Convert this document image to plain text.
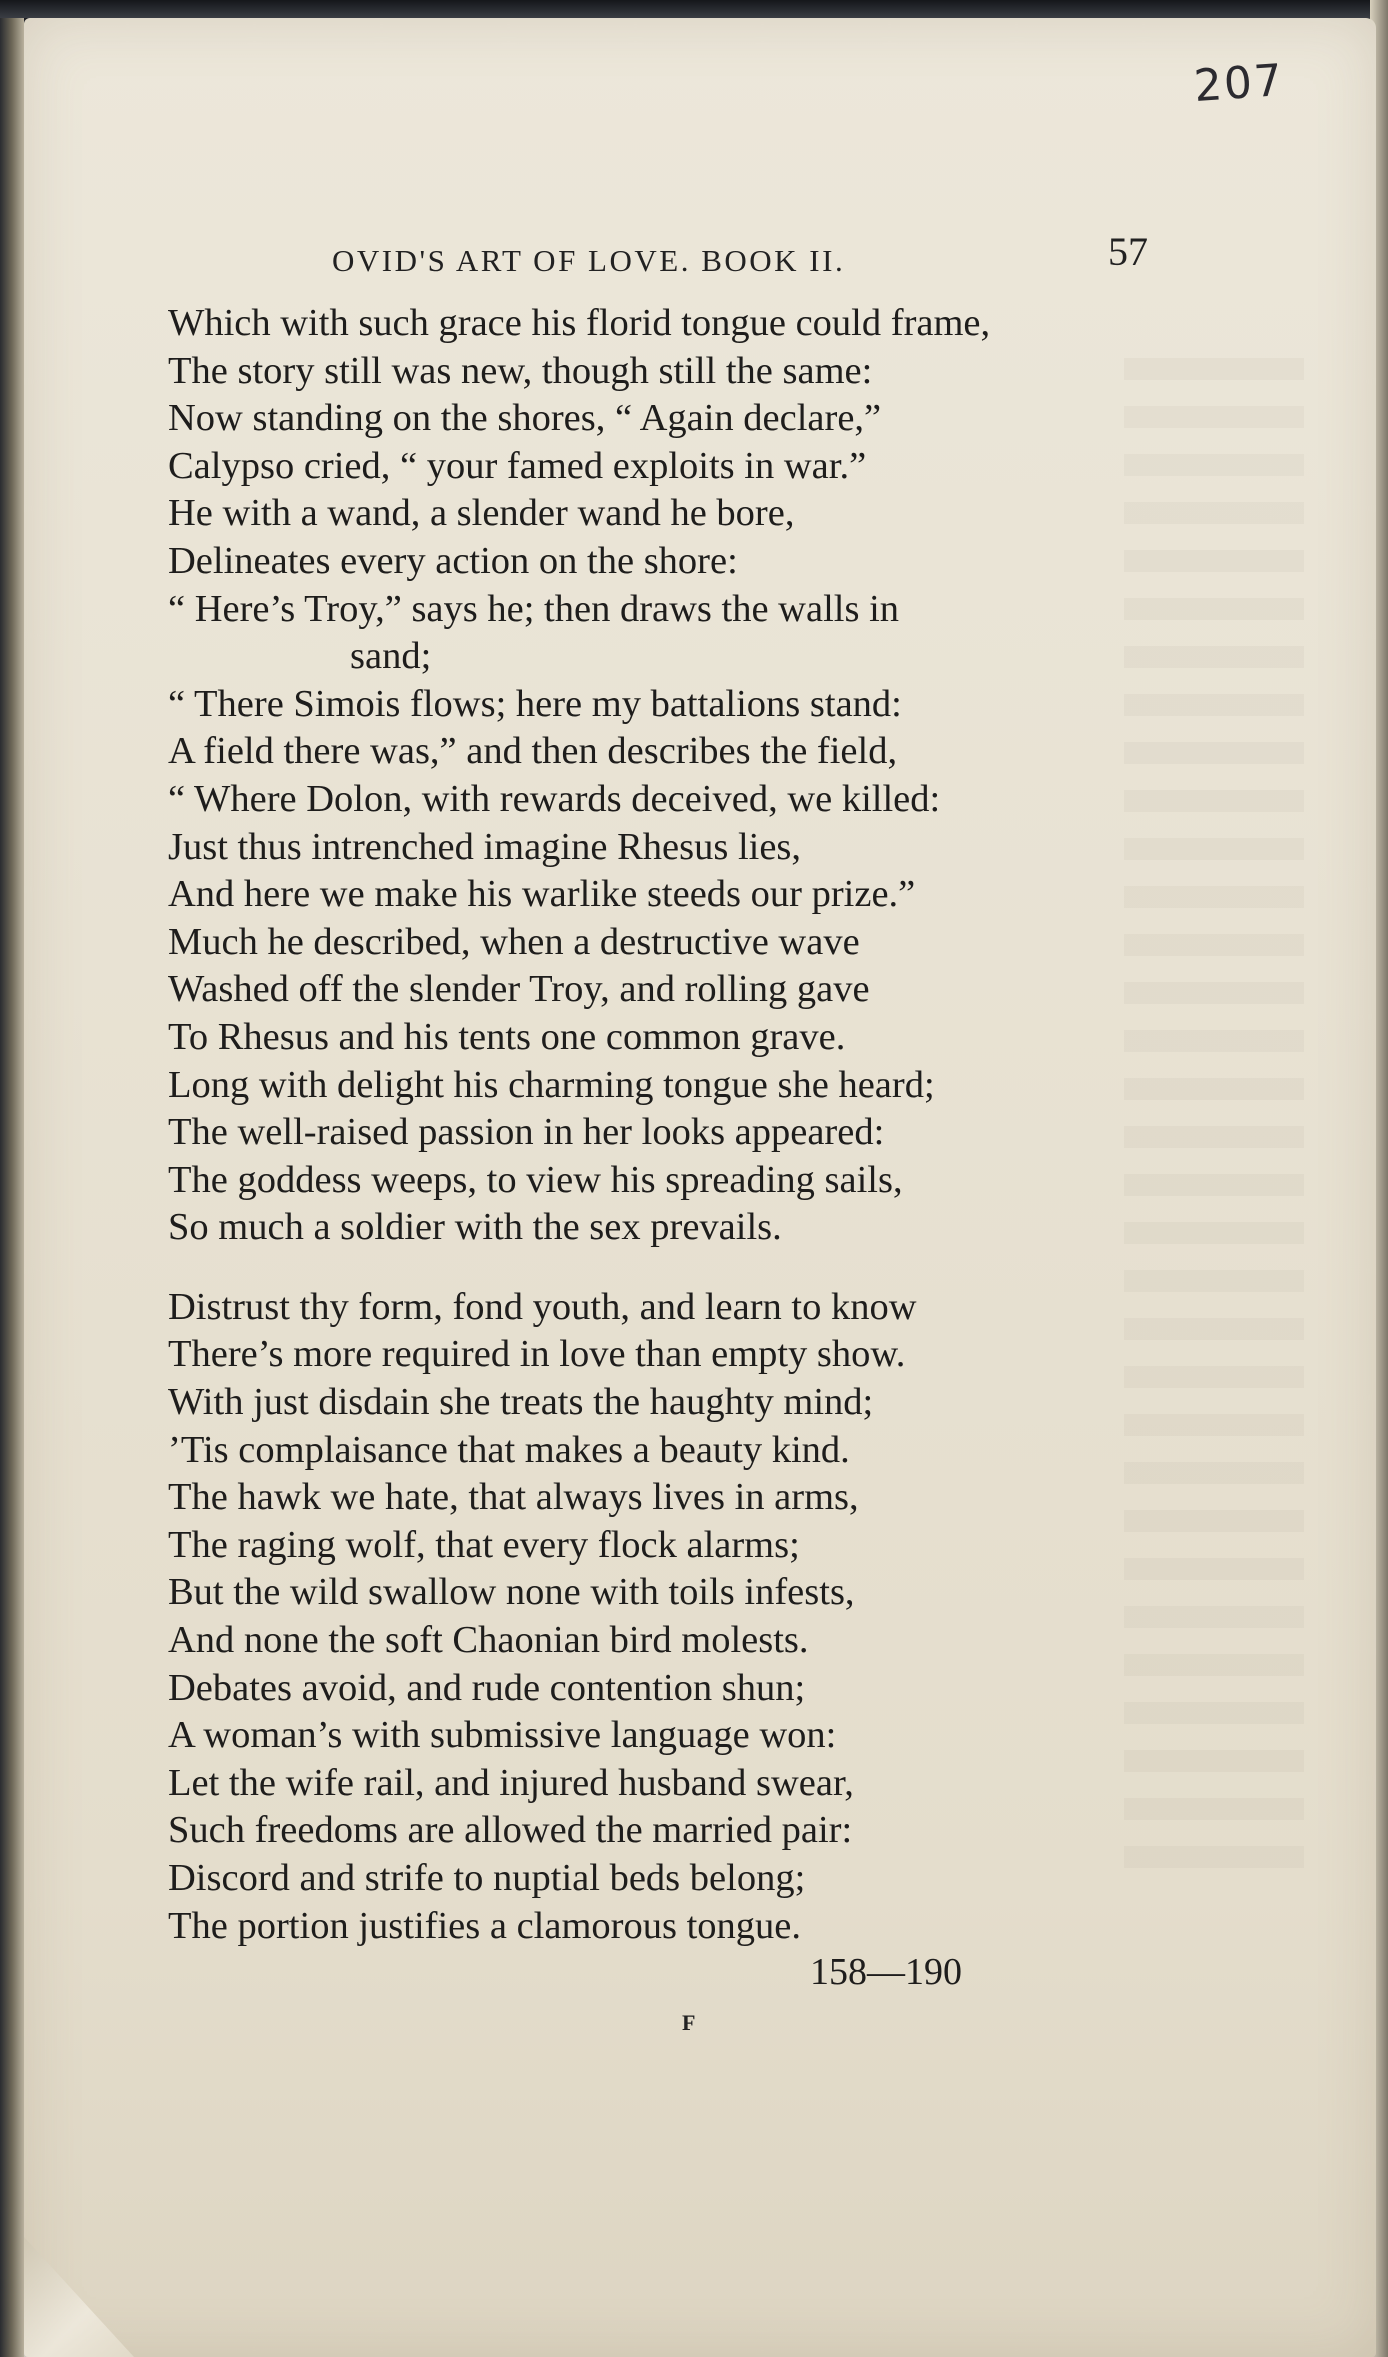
207
OVID'S ART OF LOVE. BOOK II.	57
Which with such grace his florid tongue could frame,
The story still was new, though still the same:
Now standing on the shores, “ Again declare,”
Calypso cried, “ your famed exploits in war.”
He with a wand, a slender wand he bore,
Delineates every action on the shore:
“ Here’s Troy,” says he; then draws the walls in
sand;
“ There Simois flows; here my battalions stand:
A field there was,” and then describes the field,
“ Where Dolon, with rewards deceived, we killed:
Just thus intrenched imagine Rhesus lies,
And here we make his warlike steeds our prize.”
Much he described, when a destructive wave
Washed off the slender Troy, and rolling gave
To Rhesus and his tents one common grave.
Long with delight his charming tongue she heard;
The well-raised passion in her looks appeared:
The goddess weeps, to view his spreading sails,
So much a soldier with the sex prevails.
Distrust thy form, fond youth, and learn to know
There’s more required in love than empty show.
With just disdain she treats the haughty mind;
’Tis complaisance that makes a beauty kind.
The hawk we hate, that always lives in arms,
The raging wolf, that every flock alarms;
But the wild swallow none with toils infests,
And none the soft Chaonian bird molests.
Debates avoid, and rude contention shun;
A woman’s with submissive language won:
Let the wife rail, and injured husband swear,
Such freedoms are allowed the married pair:
Discord and strife to nuptial beds belong;
The portion justifies a clamorous tongue.
158—190
F
